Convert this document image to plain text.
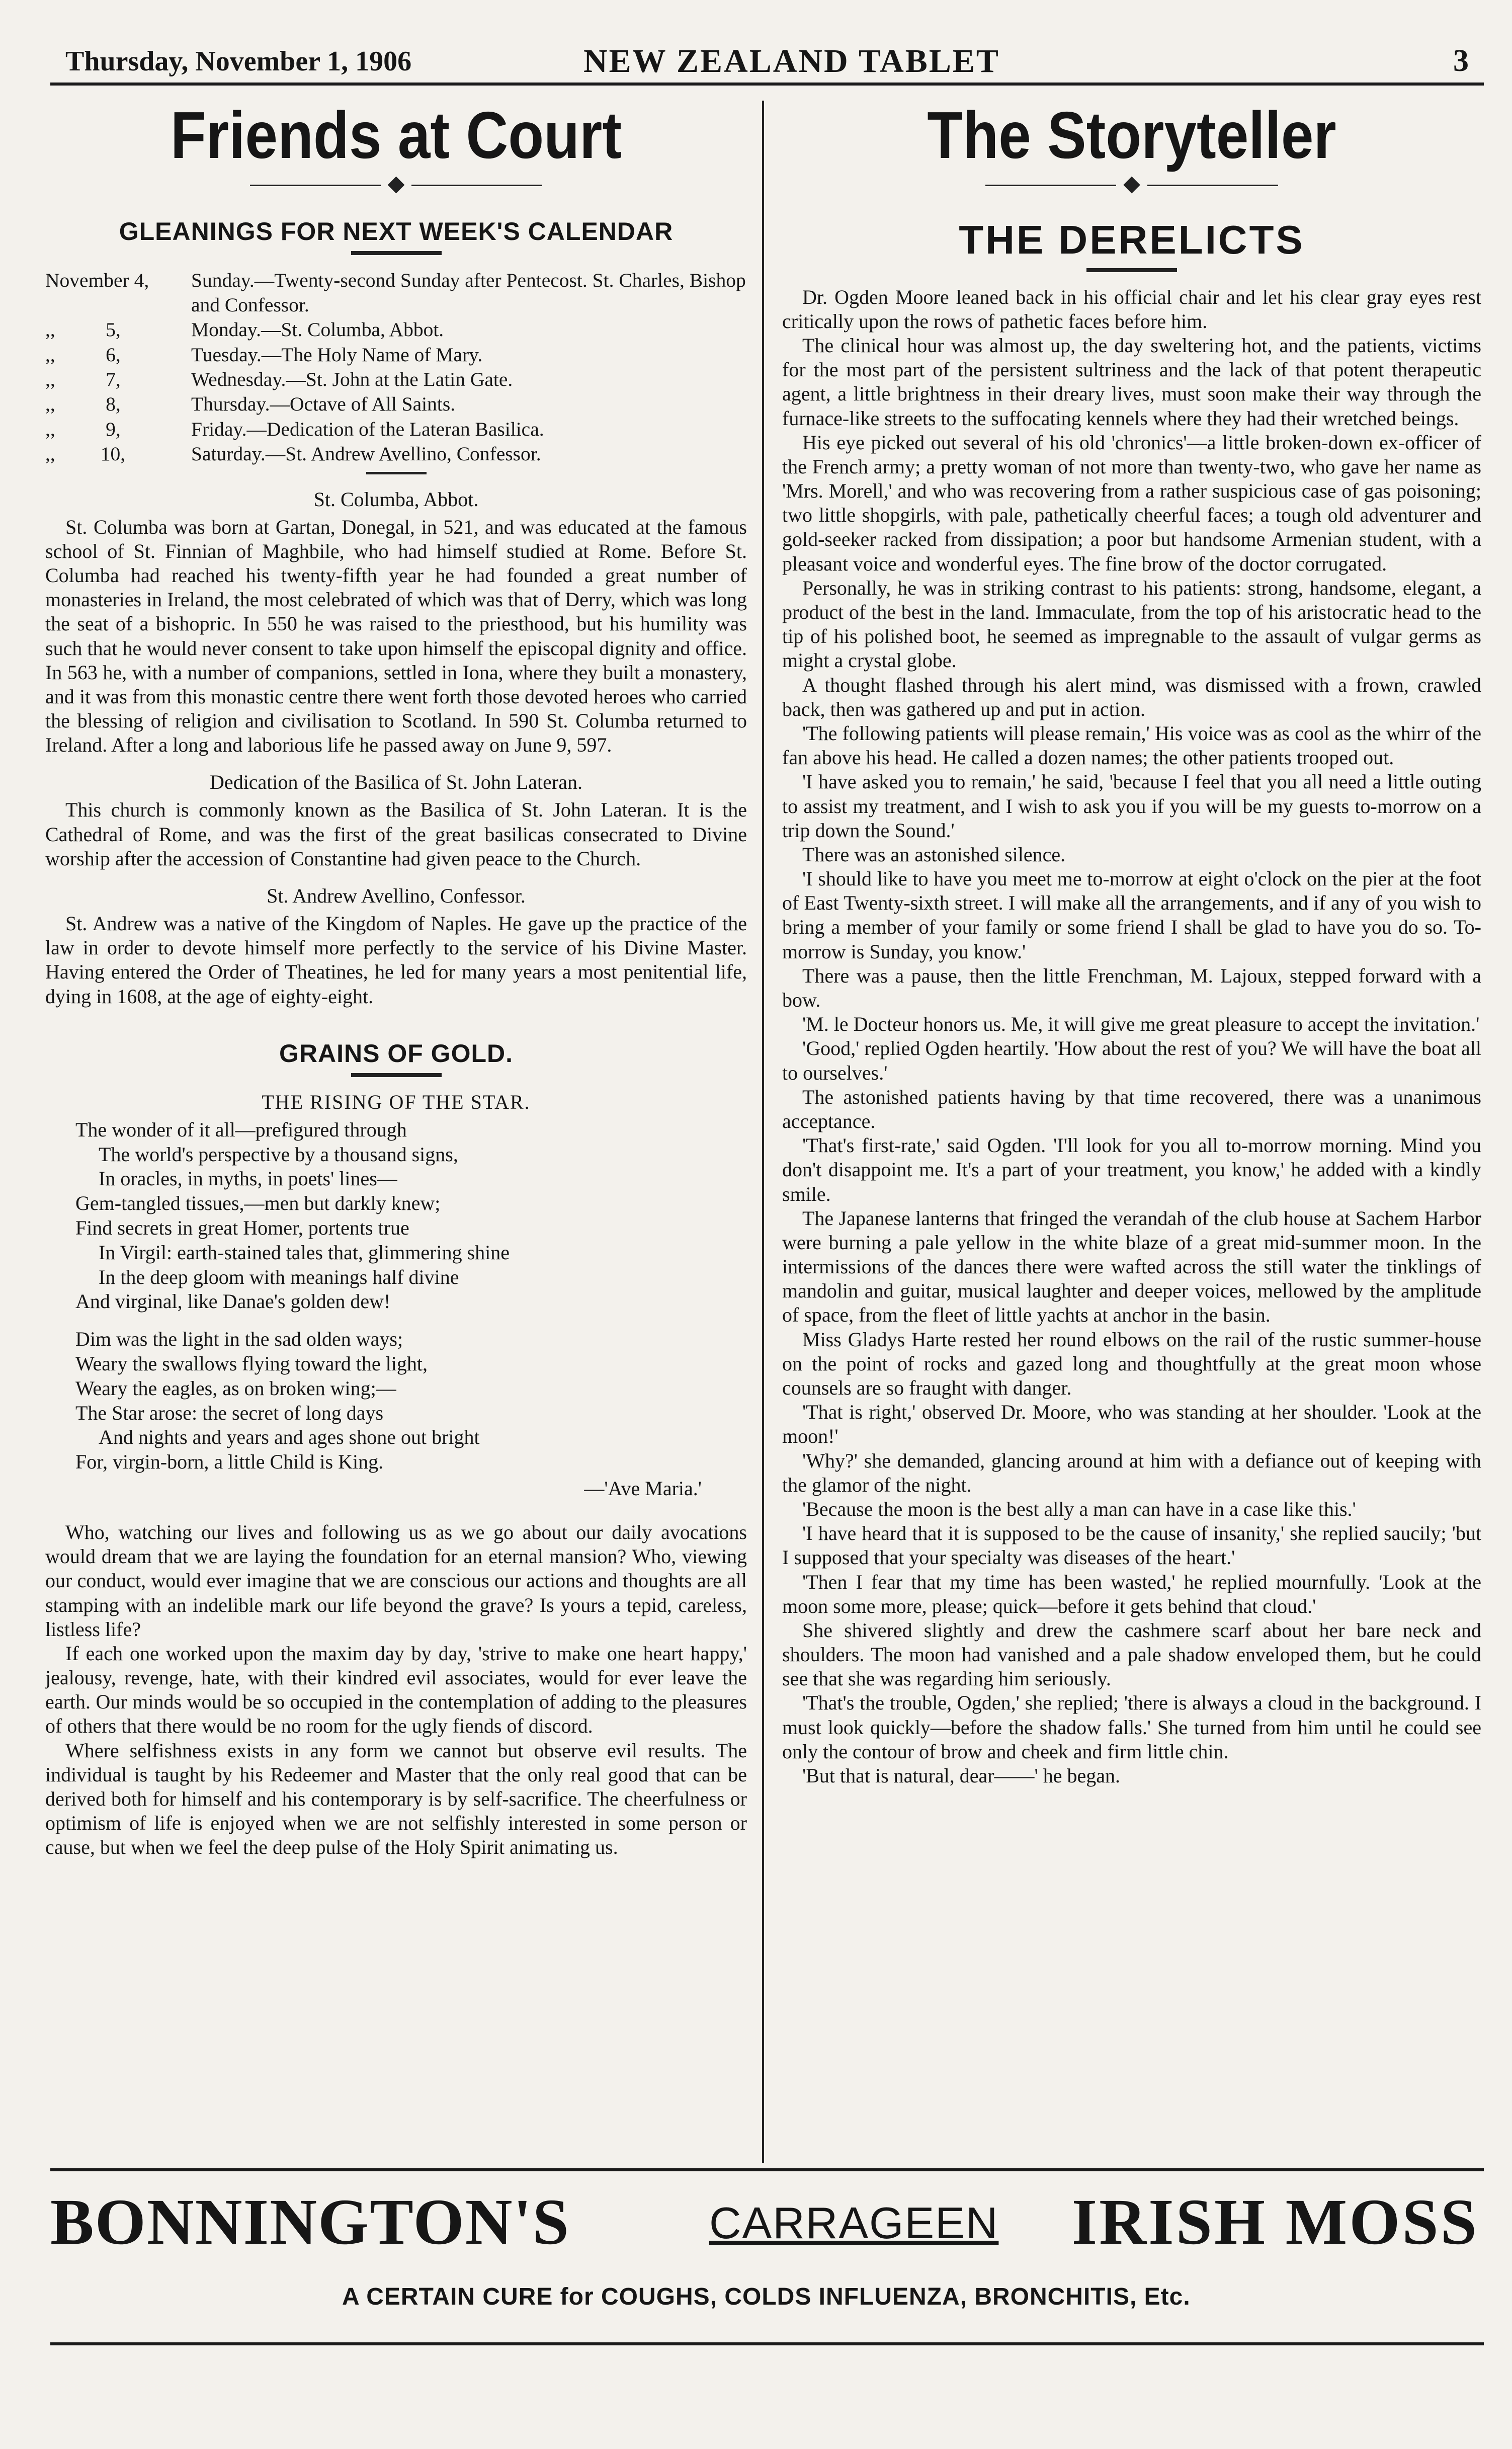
Thursday, November 1, 1906	NEW ZEALAND TABLET	3
Friends at Court
◆
GLEANINGS FOR NEXT WEEK'S CALENDAR
November 4,	Sunday.—Twenty-second Sunday after Pentecost. St. Charles, Bishop and Confessor.
,,	5,	Monday.—St. Columba, Abbot.
,,	6,	Tuesday.—The Holy Name of Mary.
,,	7,	Wednesday.—St. John at the Latin Gate.
,,	8,	Thursday.—Octave of All Saints.
,,	9,	Friday.—Dedication of the Lateran Basilica.
,, 10,	Saturday.—St. Andrew Avellino, Confessor.
St. Columba, Abbot.

St. Columba was born at Gartan, Donegal, in 521, and was educated at the famous school of St. Finnian of Maghbile, who had himself studied at Rome. Before St. Columba had reached his twenty-fifth year he had founded a great number of monasteries in Ireland, the most celebrated of which was that of Derry, which was long the seat of a bishopric. In 550 he was raised to the priesthood, but his humility was such that he would never consent to take upon himself the episcopal dignity and office. In 563 he, with a number of companions, settled in Iona, where they built a monastery, and it was from this monastic centre there went forth those devoted heroes who carried the blessing of religion and civilisation to Scotland. In 590 St. Columba returned to Ireland. After a long and laborious life he passed away on June 9, 597.

Dedication of the Basilica of St. John Lateran.

This church is commonly known as the Basilica of St. John Lateran. It is the Cathedral of Rome, and was the first of the great basilicas consecrated to Divine worship after the accession of Constantine had given peace to the Church.

St. Andrew Avellino, Confessor.

St. Andrew was a native of the Kingdom of Naples. He gave up the practice of the law in order to devote himself more perfectly to the service of his Divine Master. Having entered the Order of Theatines, he led for many years a most penitential life, dying in 1608, at the age of eighty-eight.

GRAINS OF GOLD.
THE RISING OF THE STAR.
The wonder of it all—prefigured through
The world's perspective by a thousand signs,
In oracles, in myths, in poets' lines—
Gem-tangled tissues,—men but darkly knew;
Find secrets in great Homer, portents true
In Virgil: earth-stained tales that, glimmering shine
In the deep gloom with meanings half divine
And virginal, like Danae's golden dew!
Dim was the light in the sad olden ways;
Weary the swallows flying toward the light,
Weary the eagles, as on broken wing;—
The Star arose: the secret of long days
And nights and years and ages shone out bright
For, virgin-born, a little Child is King.
—'Ave Maria.'

Who, watching our lives and following us as we go about our daily avocations would dream that we are laying the foundation for an eternal mansion? Who, viewing our conduct, would ever imagine that we are conscious our actions and thoughts are all stamping with an indelible mark our life beyond the grave? Is yours a tepid, careless, listless life?

If each one worked upon the maxim day by day, 'strive to make one heart happy,' jealousy, revenge, hate, with their kindred evil associates, would for ever leave the earth. Our minds would be so occupied in the contemplation of adding to the pleasures of others that there would be no room for the ugly fiends of discord.

Where selfishness exists in any form we cannot but observe evil results. The individual is taught by his Redeemer and Master that the only real good that can be derived both for himself and his contemporary is by self-sacrifice. The cheerfulness or optimism of life is enjoyed when we are not selfishly interested in some person or cause, but when we feel the deep pulse of the Holy Spirit animating us.

The Storyteller
◆
THE DERELICTS

Dr. Ogden Moore leaned back in his official chair and let his clear gray eyes rest critically upon the rows of pathetic faces before him.

The clinical hour was almost up, the day sweltering hot, and the patients, victims for the most part of the persistent sultriness and the lack of that potent therapeutic agent, a little brightness in their dreary lives, must soon make their way through the furnace-like streets to the suffocating kennels where they had their wretched beings.

His eye picked out several of his old 'chronics'—a little broken-down ex-officer of the French army; a pretty woman of not more than twenty-two, who gave her name as 'Mrs. Morell,' and who was recovering from a rather suspicious case of gas poisoning; two little shopgirls, with pale, pathetically cheerful faces; a tough old adventurer and gold-seeker racked from dissipation; a poor but handsome Armenian student, with a pleasant voice and wonderful eyes. The fine brow of the doctor corrugated.

Personally, he was in striking contrast to his patients: strong, handsome, elegant, a product of the best in the land. Immaculate, from the top of his aristocratic head to the tip of his polished boot, he seemed as impregnable to the assault of vulgar germs as might a crystal globe.

A thought flashed through his alert mind, was dismissed with a frown, crawled back, then was gathered up and put in action.

'The following patients will please remain,' His voice was as cool as the whirr of the fan above his head. He called a dozen names; the other patients trooped out.

'I have asked you to remain,' he said, 'because I feel that you all need a little outing to assist my treatment, and I wish to ask you if you will be my guests to-morrow on a trip down the Sound.'

There was an astonished silence.

'I should like to have you meet me to-morrow at eight o'clock on the pier at the foot of East Twenty-sixth street. I will make all the arrangements, and if any of you wish to bring a member of your family or some friend I shall be glad to have you do so. To-morrow is Sunday, you know.'

There was a pause, then the little Frenchman, M. Lajoux, stepped forward with a bow.

'M. le Docteur honors us. Me, it will give me great pleasure to accept the invitation.'

'Good,' replied Ogden heartily. 'How about the rest of you? We will have the boat all to ourselves.'

The astonished patients having by that time recovered, there was a unanimous acceptance.

'That's first-rate,' said Ogden. 'I'll look for you all to-morrow morning. Mind you don't disappoint me. It's a part of your treatment, you know,' he added with a kindly smile.

The Japanese lanterns that fringed the verandah of the club house at Sachem Harbor were burning a pale yellow in the white blaze of a great mid-summer moon. In the intermissions of the dances there were wafted across the still water the tinklings of mandolin and guitar, musical laughter and deeper voices, mellowed by the amplitude of space, from the fleet of little yachts at anchor in the basin.

Miss Gladys Harte rested her round elbows on the rail of the rustic summer-house on the point of rocks and gazed long and thoughtfully at the great moon whose counsels are so fraught with danger.

'That is right,' observed Dr. Moore, who was standing at her shoulder. 'Look at the moon!'

'Why?' she demanded, glancing around at him with a defiance out of keeping with the glamor of the night.

'Because the moon is the best ally a man can have in a case like this.'

'I have heard that it is supposed to be the cause of insanity,' she replied saucily; 'but I supposed that your specialty was diseases of the heart.'

'Then I fear that my time has been wasted,' he replied mournfully. 'Look at the moon some more, please; quick—before it gets behind that cloud.'

She shivered slightly and drew the cashmere scarf about her bare neck and shoulders. The moon had vanished and a pale shadow enveloped them, but he could see that she was regarding him seriously.

'That's the trouble, Ogden,' she replied; 'there is always a cloud in the background. I must look quickly—before the shadow falls.' She turned from him until he could see only the contour of brow and cheek and firm little chin.

'But that is natural, dear——' he began.

BONNINGTON'S	CARRAGEEN IRISH MOSS
A CERTAIN CURE for COUGHS, COLDS INFLUENZA, BRONCHITIS, Etc.
